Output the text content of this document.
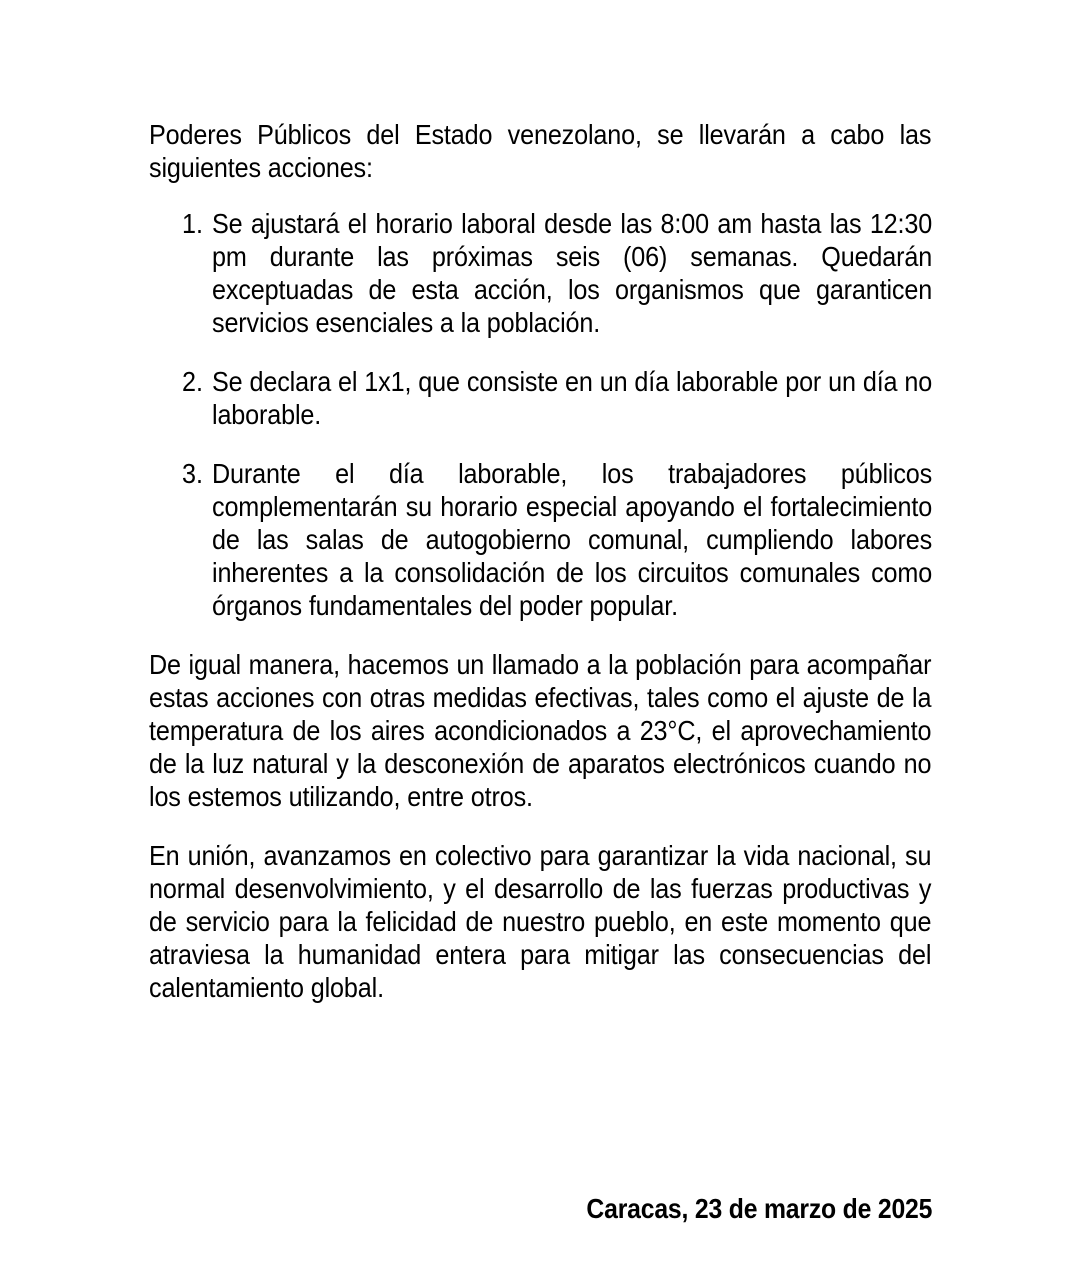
Poderes Públicos del Estado venezolano, se llevarán a cabo las siguientes acciones:

1. Se ajustará el horario laboral desde las 8:00 am hasta las 12:30 pm durante las próximas seis (06) semanas. Quedarán exceptuadas de esta acción, los organismos que garanticen servicios esenciales a la población.
2. Se declara el 1x1, que consiste en un día laborable por un día no laborable.
3. Durante el día laborable, los trabajadores públicos complementarán su horario especial apoyando el fortalecimiento de las salas de autogobierno comunal, cumpliendo labores inherentes a la consolidación de los circuitos comunales como órganos fundamentales del poder popular.

De igual manera, hacemos un llamado a la población para acompañar estas acciones con otras medidas efectivas, tales como el ajuste de la temperatura de los aires acondicionados a 23°C, el aprovechamiento de la luz natural y la desconexión de aparatos electrónicos cuando no los estemos utilizando, entre otros.

En unión, avanzamos en colectivo para garantizar la vida nacional, su normal desenvolvimiento, y el desarrollo de las fuerzas productivas y de servicio para la felicidad de nuestro pueblo, en este momento que atraviesa la humanidad entera para mitigar las consecuencias del calentamiento global.

Caracas, 23 de marzo de 2025
